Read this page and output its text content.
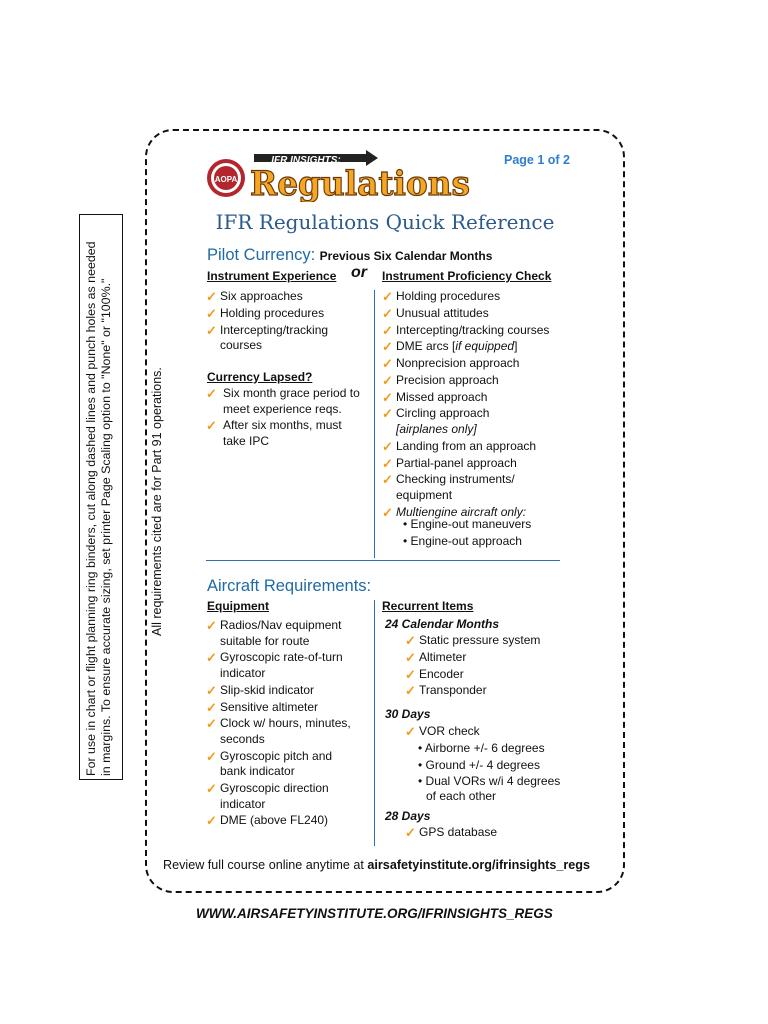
For use in chart or flight planning ring binders, cut along dashed lines and punch holes as needed in margins. To ensure accurate sizing, set printer Page Scaling option to "None" or "100%."	All requirements cited are for Part 91 operations.
AOPA
IFR INSIGHTS:
Regulations
Page 1 of 2
IFR Regulations Quick Reference
Pilot Currency: Previous Six Calendar Months
Instrument Experience or Instrument Proficiency Check
✓ Six approaches
✓ Holding procedures
✓ Intercepting/tracking
courses
Currency Lapsed?
✓ Six month grace period to
meet experience reqs.
✓ After six months, must
take IPC
✓ Holding procedures
✓ Unusual attitudes
✓ Intercepting/tracking courses
✓ DME arcs [if equipped]
✓ Nonprecision approach
✓ Precision approach
✓ Missed approach
✓ Circling approach
[airplanes only]
✓ Landing from an approach
✓ Partial-panel approach
✓ Checking instruments/
equipment
✓ Multiengine aircraft only:
• Engine-out maneuvers
• Engine-out approach
Aircraft Requirements:
Equipment	Recurrent Items
✓ Radios/Nav equipment
suitable for route
✓ Gyroscopic rate-of-turn
indicator
✓ Slip-skid indicator
✓ Sensitive altimeter
✓ Clock w/ hours, minutes,
seconds
✓ Gyroscopic pitch and
bank indicator
✓ Gyroscopic direction
indicator
✓ DME (above FL240)
24 Calendar Months
✓ Static pressure system
✓ Altimeter
✓ Encoder
✓ Transponder
30 Days
✓ VOR check
• Airborne +/- 6 degrees
• Ground +/- 4 degrees
• Dual VORs w/i 4 degrees
of each other
28 Days
✓ GPS database
Review full course online anytime at airsafetyinstitute.org/ifrinsights_regs
WWW.AIRSAFETYINSTITUTE.ORG/IFRINSIGHTS_REGS
